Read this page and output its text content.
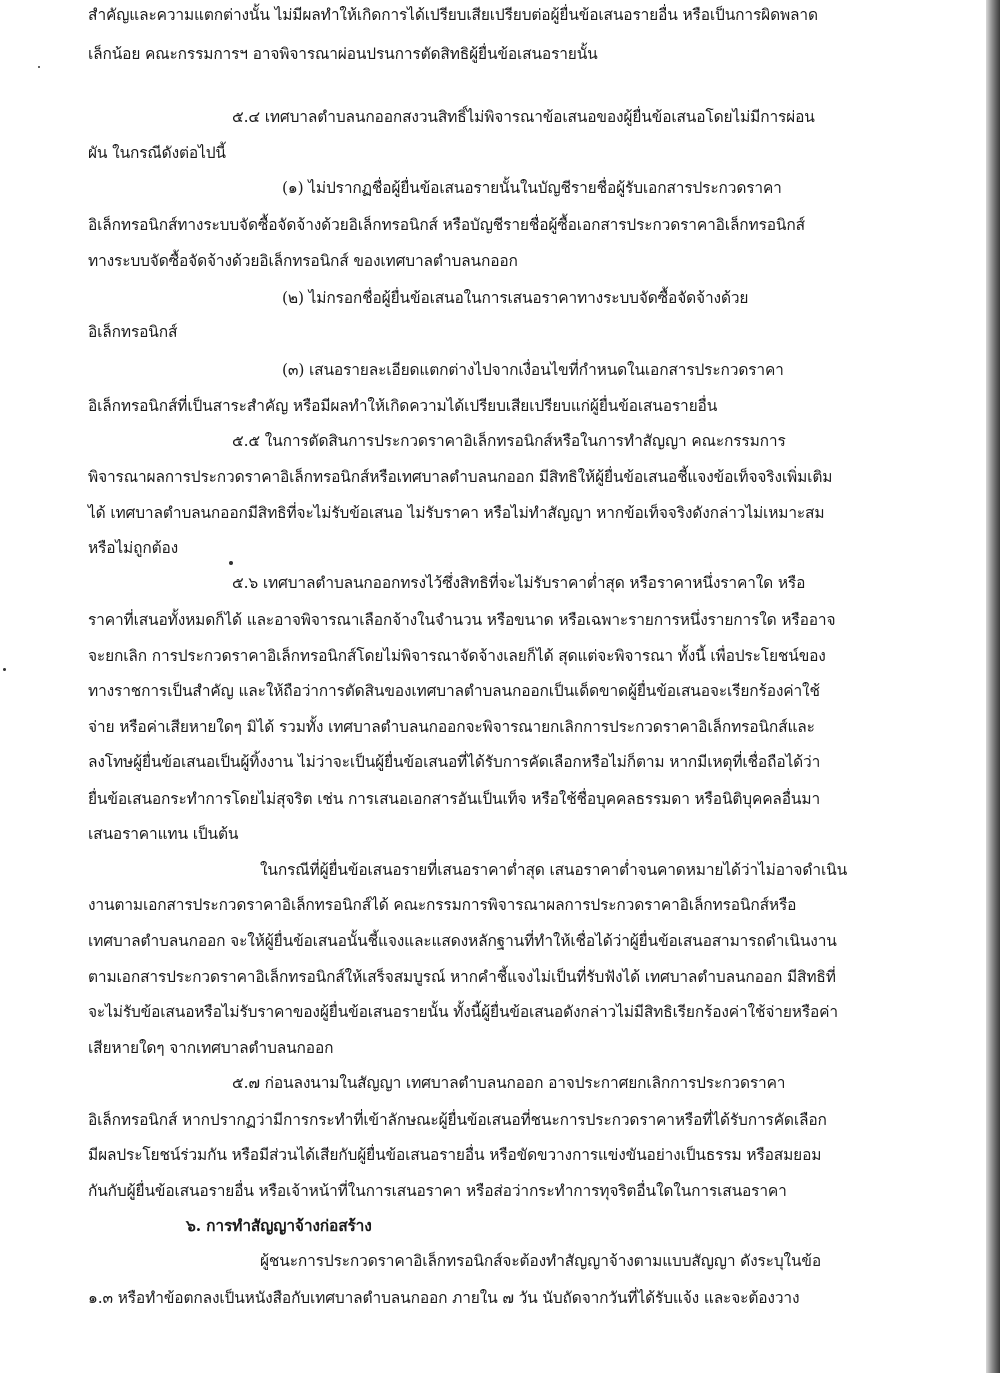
สำคัญและความแตกต่างนั้น ไม่มีผลทำให้เกิดการได้เปรียบเสียเปรียบต่อผู้ยื่นข้อเสนอรายอื่น หรือเป็นการผิดพลาด
เล็กน้อย คณะกรรมการฯ อาจพิจารณาผ่อนปรนการตัดสิทธิผู้ยื่นข้อเสนอรายนั้น
๕.๔ เทศบาลตำบลนกออกสงวนสิทธิ์ไม่พิจารณาข้อเสนอของผู้ยื่นข้อเสนอโดยไม่มีการผ่อน
ผัน ในกรณีดังต่อไปนี้
(๑) ไม่ปรากฏชื่อผู้ยื่นข้อเสนอรายนั้นในบัญชีรายชื่อผู้รับเอกสารประกวดราคา
อิเล็กทรอนิกส์ทางระบบจัดซื้อจัดจ้างด้วยอิเล็กทรอนิกส์ หรือบัญชีรายชื่อผู้ซื้อเอกสารประกวดราคาอิเล็กทรอนิกส์
ทางระบบจัดซื้อจัดจ้างด้วยอิเล็กทรอนิกส์ ของเทศบาลตำบลนกออก
(๒) ไม่กรอกชื่อผู้ยื่นข้อเสนอในการเสนอราคาทางระบบจัดซื้อจัดจ้างด้วย
อิเล็กทรอนิกส์
(๓) เสนอรายละเอียดแตกต่างไปจากเงื่อนไขที่กำหนดในเอกสารประกวดราคา
อิเล็กทรอนิกส์ที่เป็นสาระสำคัญ หรือมีผลทำให้เกิดความได้เปรียบเสียเปรียบแก่ผู้ยื่นข้อเสนอรายอื่น
๕.๕ ในการตัดสินการประกวดราคาอิเล็กทรอนิกส์หรือในการทำสัญญา คณะกรรมการ
พิจารณาผลการประกวดราคาอิเล็กทรอนิกส์หรือเทศบาลตำบลนกออก มีสิทธิให้ผู้ยื่นข้อเสนอชี้แจงข้อเท็จจริงเพิ่มเติม
ได้ เทศบาลตำบลนกออกมีสิทธิที่จะไม่รับข้อเสนอ ไม่รับราคา หรือไม่ทำสัญญา หากข้อเท็จจริงดังกล่าวไม่เหมาะสม
หรือไม่ถูกต้อง
๕.๖ เทศบาลตำบลนกออกทรงไว้ซึ่งสิทธิที่จะไม่รับราคาต่ำสุด หรือราคาหนึ่งราคาใด หรือ
ราคาที่เสนอทั้งหมดก็ได้ และอาจพิจารณาเลือกจ้างในจำนวน หรือขนาด หรือเฉพาะรายการหนึ่งรายการใด หรืออาจ
จะยกเลิก การประกวดราคาอิเล็กทรอนิกส์โดยไม่พิจารณาจัดจ้างเลยก็ได้ สุดแต่จะพิจารณา ทั้งนี้ เพื่อประโยชน์ของ
ทางราชการเป็นสำคัญ และให้ถือว่าการตัดสินของเทศบาลตำบลนกออกเป็นเด็ดขาดผู้ยื่นข้อเสนอจะเรียกร้องค่าใช้
จ่าย หรือค่าเสียหายใดๆ มิได้ รวมทั้ง เทศบาลตำบลนกออกจะพิจารณายกเลิกการประกวดราคาอิเล็กทรอนิกส์และ
ลงโทษผู้ยื่นข้อเสนอเป็นผู้ทิ้งงาน ไม่ว่าจะเป็นผู้ยื่นข้อเสนอที่ได้รับการคัดเลือกหรือไม่ก็ตาม หากมีเหตุที่เชื่อถือได้ว่า
ยื่นข้อเสนอกระทำการโดยไม่สุจริต เช่น การเสนอเอกสารอันเป็นเท็จ หรือใช้ชื่อบุคคลธรรมดา หรือนิติบุคคลอื่นมา
เสนอราคาแทน เป็นต้น
ในกรณีที่ผู้ยื่นข้อเสนอรายที่เสนอราคาต่ำสุด เสนอราคาต่ำจนคาดหมายได้ว่าไม่อาจดำเนิน
งานตามเอกสารประกวดราคาอิเล็กทรอนิกส์ได้ คณะกรรมการพิจารณาผลการประกวดราคาอิเล็กทรอนิกส์หรือ
เทศบาลตำบลนกออก จะให้ผู้ยื่นข้อเสนอนั้นชี้แจงและแสดงหลักฐานที่ทำให้เชื่อได้ว่าผู้ยื่นข้อเสนอสามารถดำเนินงาน
ตามเอกสารประกวดราคาอิเล็กทรอนิกส์ให้เสร็จสมบูรณ์ หากคำชี้แจงไม่เป็นที่รับฟังได้ เทศบาลตำบลนกออก มีสิทธิที่
จะไม่รับข้อเสนอหรือไม่รับราคาของผู้ยื่นข้อเสนอรายนั้น ทั้งนี้ผู้ยื่นข้อเสนอดังกล่าวไม่มีสิทธิเรียกร้องค่าใช้จ่ายหรือค่า
เสียหายใดๆ จากเทศบาลตำบลนกออก
๕.๗ ก่อนลงนามในสัญญา เทศบาลตำบลนกออก อาจประกาศยกเลิกการประกวดราคา
อิเล็กทรอนิกส์ หากปรากฏว่ามีการกระทำที่เข้าลักษณะผู้ยื่นข้อเสนอที่ชนะการประกวดราคาหรือที่ได้รับการคัดเลือก
มีผลประโยชน์ร่วมกัน หรือมีส่วนได้เสียกับผู้ยื่นข้อเสนอรายอื่น หรือขัดขวางการแข่งขันอย่างเป็นธรรม หรือสมยอม
กันกับผู้ยื่นข้อเสนอรายอื่น หรือเจ้าหน้าที่ในการเสนอราคา หรือส่อว่ากระทำการทุจริตอื่นใดในการเสนอราคา
๖. การทำสัญญาจ้างก่อสร้าง
ผู้ชนะการประกวดราคาอิเล็กทรอนิกส์จะต้องทำสัญญาจ้างตามแบบสัญญา ดังระบุในข้อ
๑.๓ หรือทำข้อตกลงเป็นหนังสือกับเทศบาลตำบลนกออก ภายใน ๗ วัน นับถัดจากวันที่ได้รับแจ้ง และจะต้องวาง
